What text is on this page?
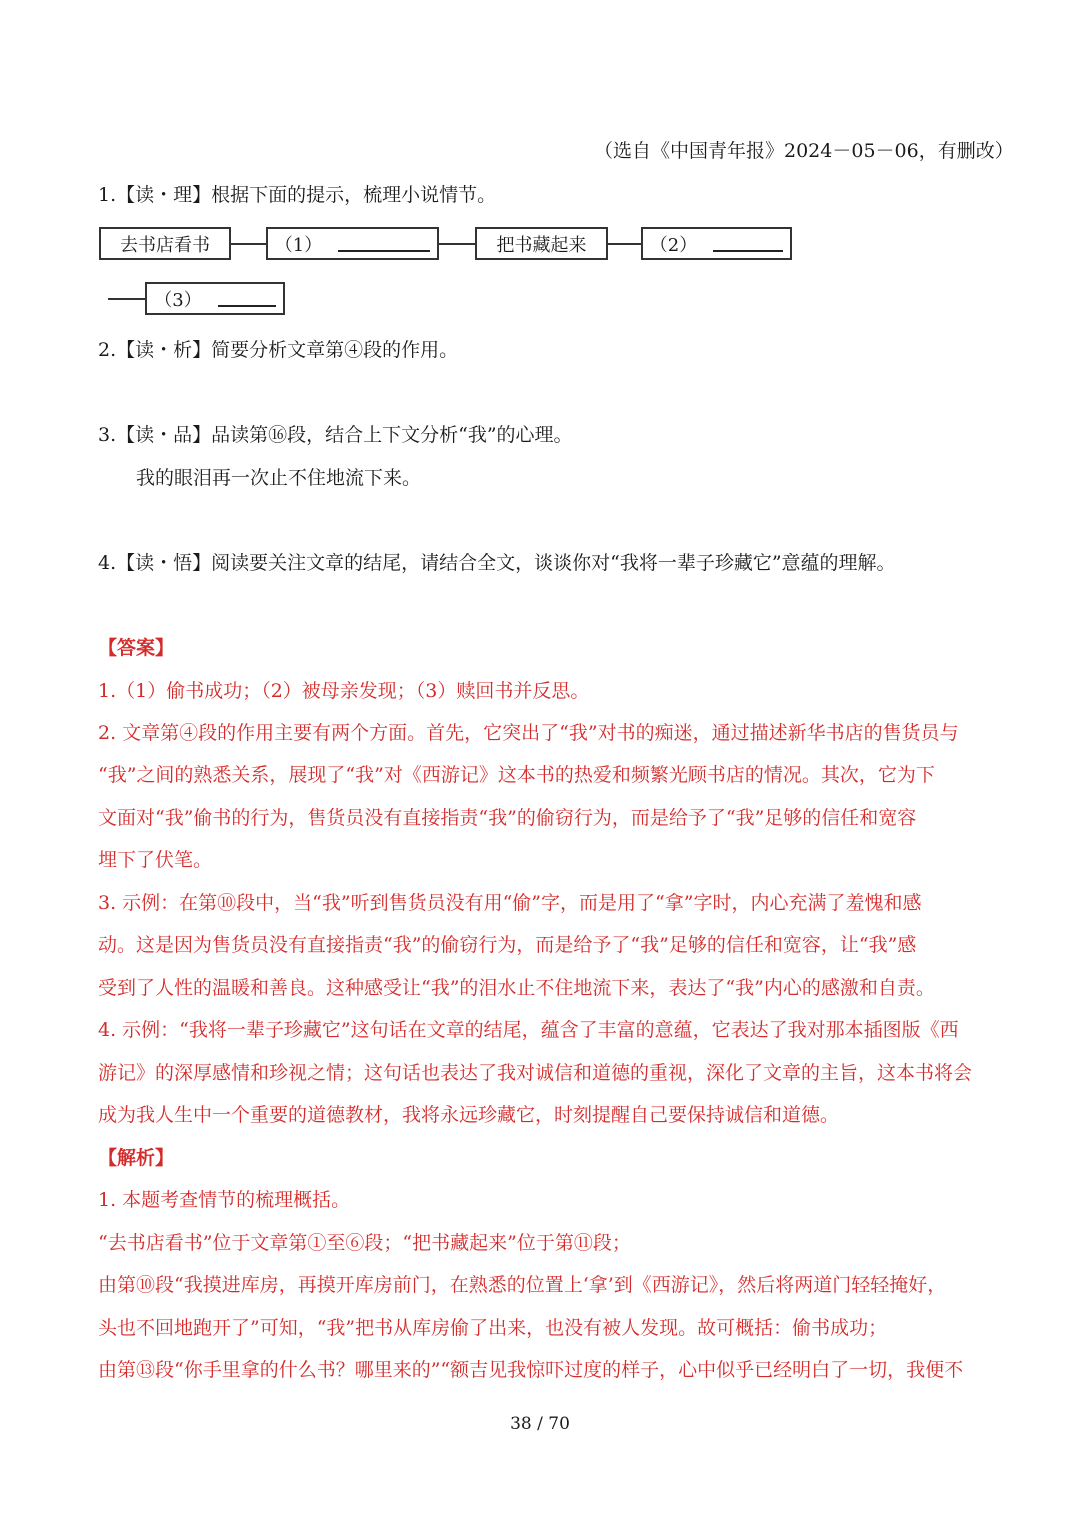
（选自《中国青年报》2024－05－06，有删改）
1.【读・理】根据下面的提示，梳理小说情节。
去书店看书	（1）	把书藏起来	（2）
（3）
2.【读・析】简要分析文章第④段的作用。
3.【读・品】品读第⑯段，结合上下文分析“我”的心理。
我的眼泪再一次止不住地流下来。
4.【读・悟】阅读要关注文章的结尾，请结合全文，谈谈你对“我将一辈子珍藏它”意蕴的理解。
【答案】
1.（1）偷书成功；（2）被母亲发现；（3）赎回书并反思。
2. 文章第④段的作用主要有两个方面。首先，它突出了“我”对书的痴迷，通过描述新华书店的售货员与
“我”之间的熟悉关系，展现了“我”对《西游记》这本书的热爱和频繁光顾书店的情况。其次，它为下
文面对“我”偷书的行为，售货员没有直接指责“我”的偷窃行为，而是给予了“我”足够的信任和宽容
埋下了伏笔。
3. 示例：在第⑩段中，当“我”听到售货员没有用“偷”字，而是用了“拿”字时，内心充满了羞愧和感
动。这是因为售货员没有直接指责“我”的偷窃行为，而是给予了“我”足够的信任和宽容，让“我”感
受到了人性的温暖和善良。这种感受让“我”的泪水止不住地流下来，表达了“我”内心的感激和自责。
4. 示例：“我将一辈子珍藏它”这句话在文章的结尾，蕴含了丰富的意蕴，它表达了我对那本插图版《西
游记》的深厚感情和珍视之情；这句话也表达了我对诚信和道德的重视，深化了文章的主旨，这本书将会
成为我人生中一个重要的道德教材，我将永远珍藏它，时刻提醒自己要保持诚信和道德。
【解析】
1. 本题考查情节的梳理概括。
“去书店看书”位于文章第①至⑥段；“把书藏起来”位于第⑪段；
由第⑩段“我摸进库房，再摸开库房前门，在熟悉的位置上‘拿’到《西游记》，然后将两道门轻轻掩好，
头也不回地跑开了”可知，“我”把书从库房偷了出来，也没有被人发现。故可概括：偷书成功；
由第⑬段“你手里拿的什么书？哪里来的”“额吉见我惊吓过度的样子，心中似乎已经明白了一切，我便不
38 / 70
